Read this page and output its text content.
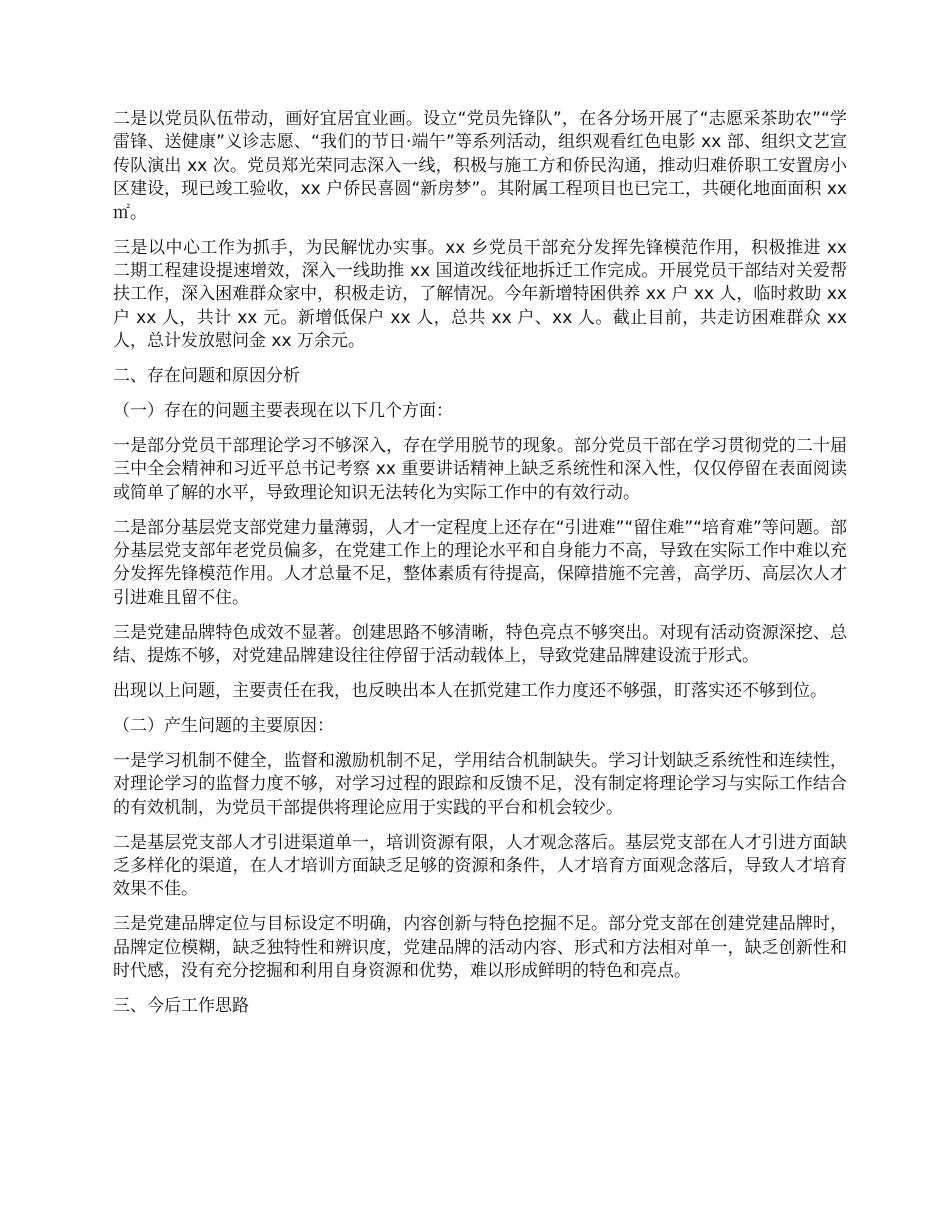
二是以党员队伍带动，画好宜居宜业画。设立“党员先锋队”，在各分场开展了“志愿采茶助农”“学雷锋、送健康”义诊志愿、“我们的节日·端午”等系列活动，组织观看红色电影 xx 部、组织文艺宣传队演出 xx 次。党员郑光荣同志深入一线，积极与施工方和侨民沟通，推动归难侨职工安置房小区建设，现已竣工验收，xx 户侨民喜圆“新房梦”。其附属工程项目也已完工，共硬化地面面积 xx㎡。

三是以中心工作为抓手，为民解忧办实事。xx 乡党员干部充分发挥先锋模范作用，积极推进 xx 二期工程建设提速增效，深入一线助推 xx 国道改线征地拆迁工作完成。开展党员干部结对关爱帮扶工作，深入困难群众家中，积极走访，了解情况。今年新增特困供养 xx 户 xx 人，临时救助 xx 户 xx 人，共计 xx 元。新增低保户 xx 人，总共 xx 户、xx 人。截止目前，共走访困难群众 xx 人，总计发放慰问金 xx 万余元。

二、存在问题和原因分析

（一）存在的问题主要表现在以下几个方面：

一是部分党员干部理论学习不够深入，存在学用脱节的现象。部分党员干部在学习贯彻党的二十届三中全会精神和习近平总书记考察 xx 重要讲话精神上缺乏系统性和深入性，仅仅停留在表面阅读或简单了解的水平，导致理论知识无法转化为实际工作中的有效行动。

二是部分基层党支部党建力量薄弱，人才一定程度上还存在“引进难”“留住难”“培育难”等问题。部分基层党支部年老党员偏多，在党建工作上的理论水平和自身能力不高，导致在实际工作中难以充分发挥先锋模范作用。人才总量不足，整体素质有待提高，保障措施不完善，高学历、高层次人才引进难且留不住。

三是党建品牌特色成效不显著。创建思路不够清晰，特色亮点不够突出。对现有活动资源深挖、总结、提炼不够，对党建品牌建设往往停留于活动载体上，导致党建品牌建设流于形式。

出现以上问题，主要责任在我，也反映出本人在抓党建工作力度还不够强，盯落实还不够到位。

（二）产生问题的主要原因：

一是学习机制不健全，监督和激励机制不足，学用结合机制缺失。学习计划缺乏系统性和连续性，对理论学习的监督力度不够，对学习过程的跟踪和反馈不足，没有制定将理论学习与实际工作结合的有效机制，为党员干部提供将理论应用于实践的平台和机会较少。

二是基层党支部人才引进渠道单一，培训资源有限，人才观念落后。基层党支部在人才引进方面缺乏多样化的渠道，在人才培训方面缺乏足够的资源和条件，人才培育方面观念落后，导致人才培育效果不佳。

三是党建品牌定位与目标设定不明确，内容创新与特色挖掘不足。部分党支部在创建党建品牌时，品牌定位模糊，缺乏独特性和辨识度，党建品牌的活动内容、形式和方法相对单一，缺乏创新性和时代感，没有充分挖掘和利用自身资源和优势，难以形成鲜明的特色和亮点。

三、今后工作思路
